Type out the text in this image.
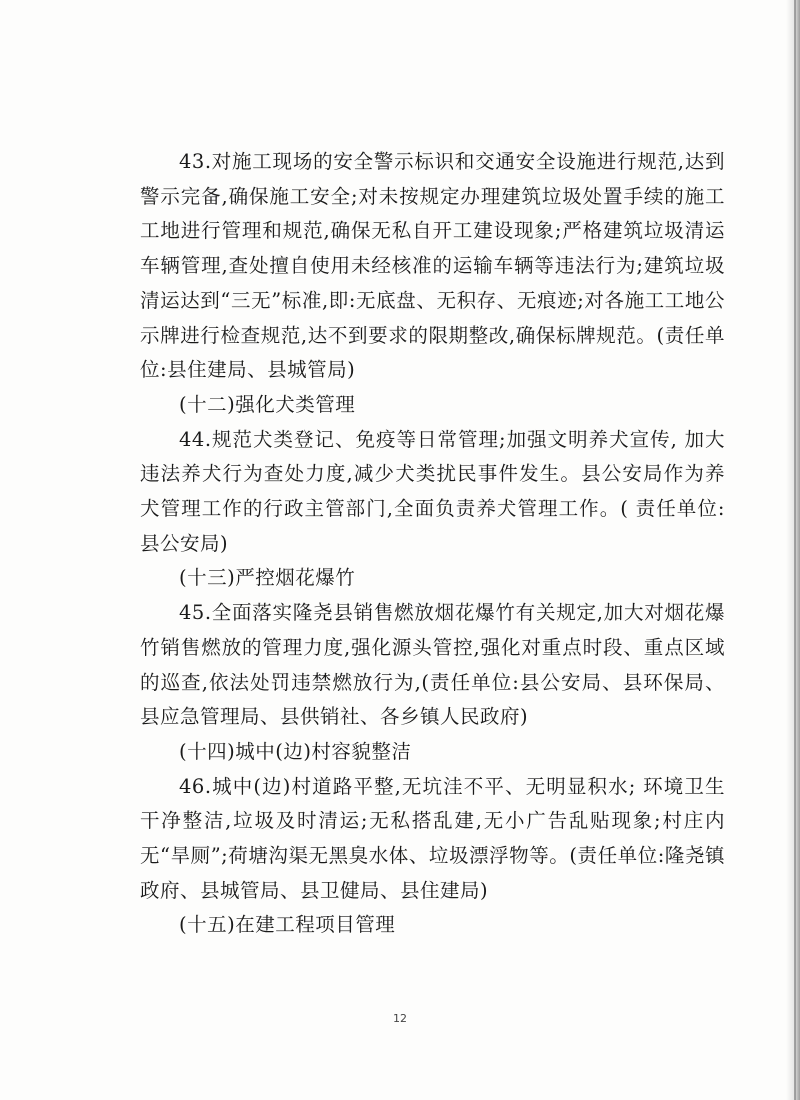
43.对施工现场的安全警示标识和交通安全设施进行规范,达到警示完备,确保施工安全;对未按规定办理建筑垃圾处置手续的施工工地进行管理和规范,确保无私自开工建设现象;严格建筑垃圾清运车辆管理,查处擅自使用未经核准的运输车辆等违法行为;建筑垃圾清运达到“三无”标准,即:无底盘、无积存、无痕迹;对各施工工地公示牌进行检查规范,达不到要求的限期整改,确保标牌规范。(责任单位:县住建局、县城管局)

(十二)强化犬类管理

44.规范犬类登记、免疫等日常管理;加强文明养犬宣传, 加大违法养犬行为查处力度,减少犬类扰民事件发生。县公安局作为养犬管理工作的行政主管部门,全面负责养犬管理工作。( 责任单位: 县公安局)

(十三)严控烟花爆竹

45.全面落实隆尧县销售燃放烟花爆竹有关规定,加大对烟花爆竹销售燃放的管理力度,强化源头管控,强化对重点时段、重点区域的巡查,依法处罚违禁燃放行为,(责任单位:县公安局、县环保局、县应急管理局、县供销社、各乡镇人民政府)

(十四)城中(边)村容貌整洁

46.城中(边)村道路平整,无坑洼不平、无明显积水; 环境卫生干净整洁,垃圾及时清运;无私搭乱建,无小广告乱贴现象;村庄内无“旱厕”;荷塘沟渠无黑臭水体、垃圾漂浮物等。(责任单位:隆尧镇政府、县城管局、县卫健局、县住建局)

(十五)在建工程项目管理

12
